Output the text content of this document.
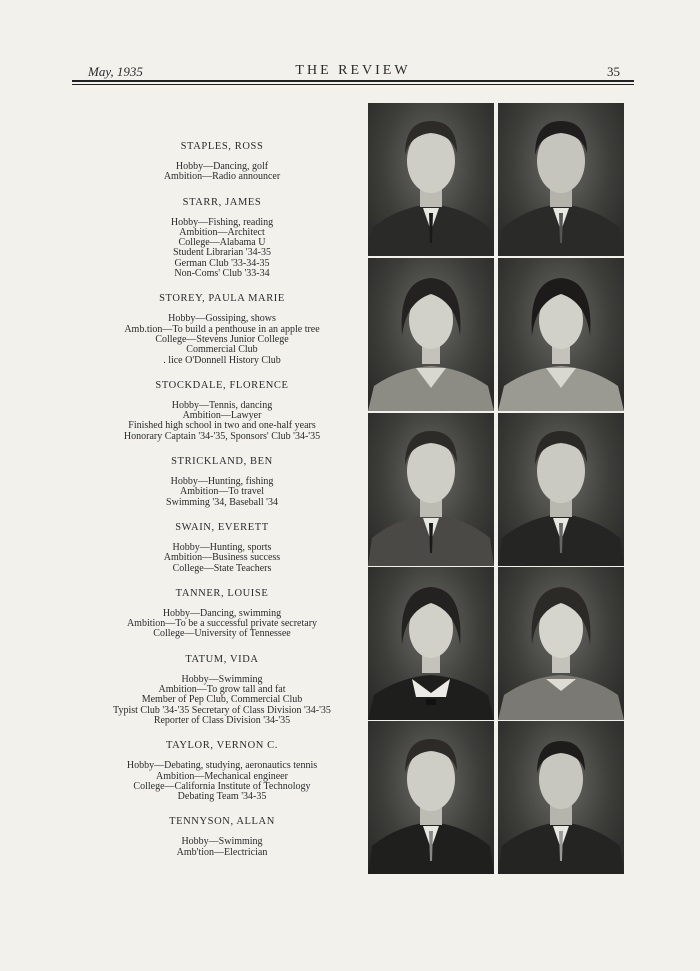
May, 1935	THE REVIEW	35
STAPLES, ROSS
Hobby—Dancing, golf
Ambition—Radio announcer
STARR, JAMES
Hobby—Fishing, reading
Ambition—Architect
College—Alabama U
Student Librarian '34-35
German Club '33-34-35
Non-Coms' Club '33-34
STOREY, PAULA MARIE
Hobby—Gossiping, shows
Amb.tion—To build a penthouse in an apple tree
College—Stevens Junior College
Commercial Club
. lice O'Donnell History Club
STOCKDALE, FLORENCE
Hobby—Tennis, dancing
Ambition—Lawyer
Finished high school in two and one-half years
Honorary Captain '34-'35, Sponsors' Club '34-'35
STRICKLAND, BEN
Hobby—Hunting, fishing
Ambition—To travel
Swimming '34, Baseball '34
SWAIN, EVERETT
Hobby—Hunting, sports
Ambition—Business success
College—State Teachers
TANNER, LOUISE
Hobby—Dancing, swimming
Ambition—To be a successful private secretary
College—University of Tennessee
TATUM, VIDA
Hobby—Swimming
Ambition—To grow tall and fat
Member of Pep Club, Commercial Club
Typist Club '34-'35 Secretary of Class Division '34-'35
Reporter of Class Division '34-'35
TAYLOR, VERNON C.
Hobby—Debating, studying, aeronautics tennis
Ambition—Mechanical engineer
College—California Institute of Technology
Debating Team '34-35
TENNYSON, ALLAN
Hobby—Swimming
Amb'tion—Electrician
